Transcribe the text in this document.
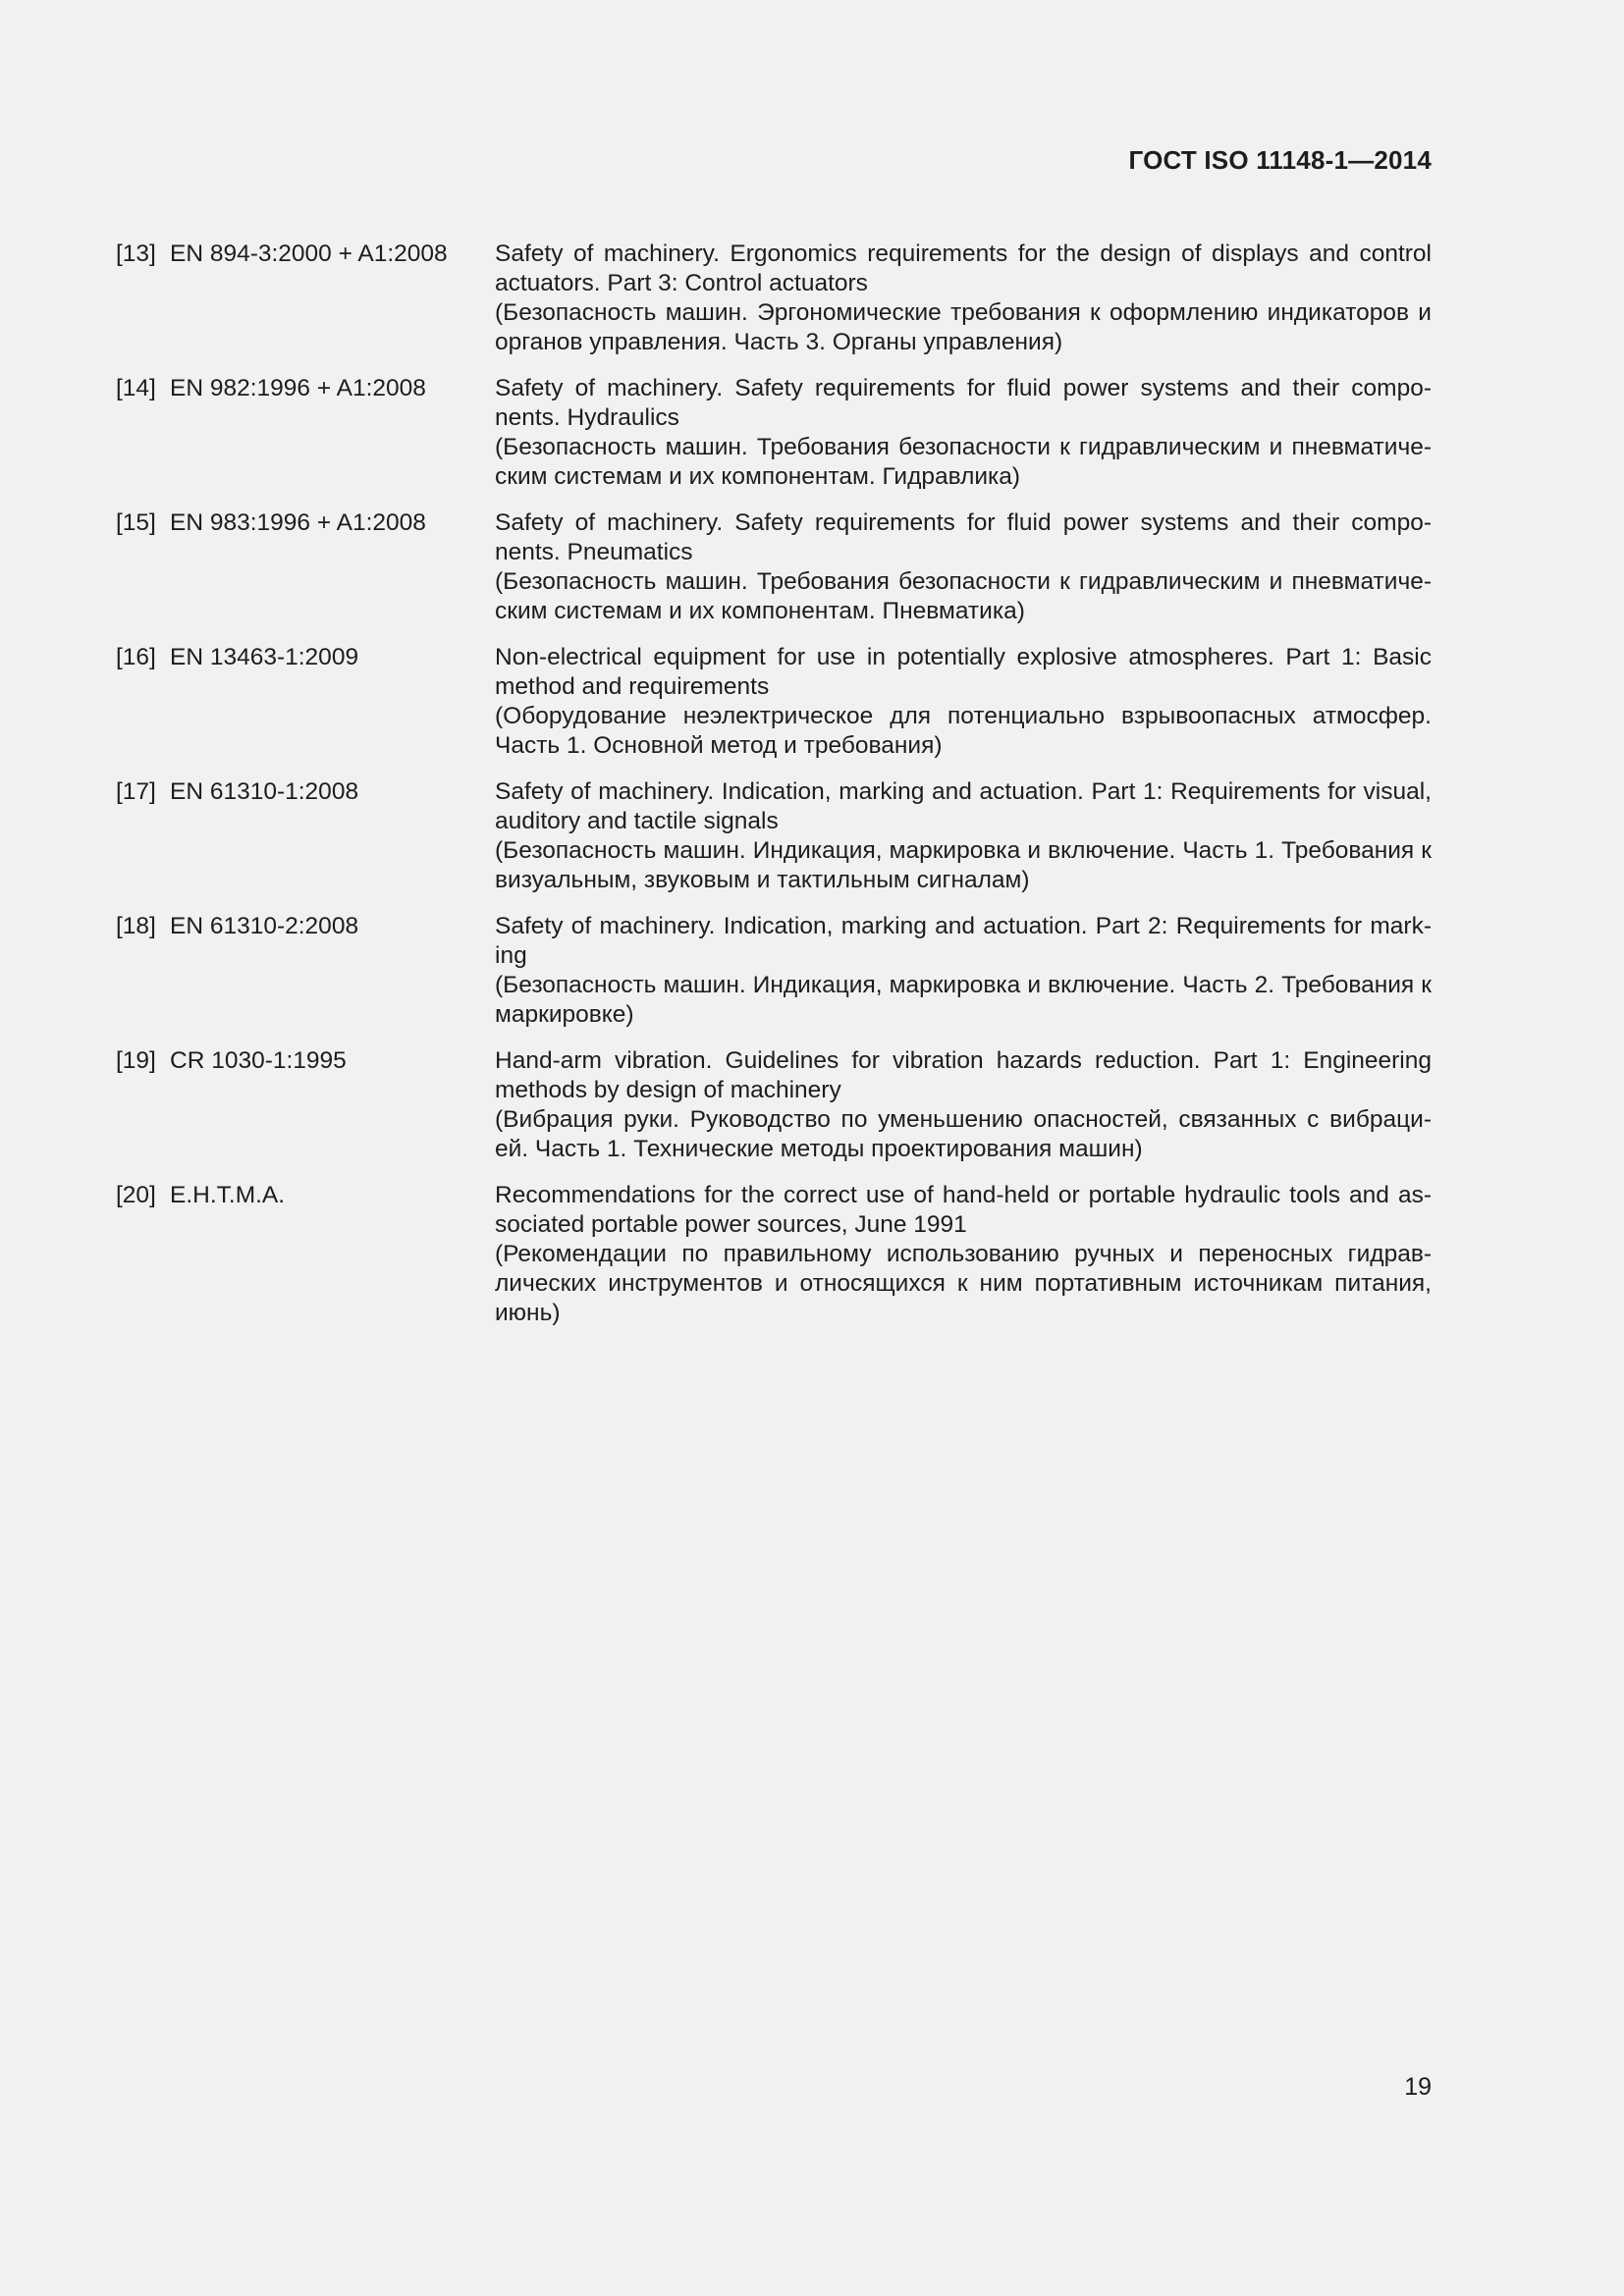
ГОСТ ISO 11148-1—2014
[13] EN 894-3:2000 + A1:2008 Safety of machinery. Ergonomics requirements for the design of displays and control actuators. Part 3: Control actuators

(Безопасность машин. Эргономические требования к оформлению индикаторов и органов управления. Часть 3. Органы управления)

[14] EN 982:1996 + A1:2008	Safety of machinery. Safety requirements for fluid power systems and their compo-nents. Hydraulics

(Безопасность машин. Требования безопасности к гидравлическим и пневматиче-ским системам и их компонентам. Гидравлика)

[15] EN 983:1996 + A1:2008	Safety of machinery. Safety requirements for fluid power systems and their compo-nents. Pneumatics

(Безопасность машин. Требования безопасности к гидравлическим и пневматиче-ским системам и их компонентам. Пневматика)

[16] EN 13463-1:2009	Non-electrical equipment for use in potentially explosive atmospheres. Part 1: Basic method and requirements

(Оборудование неэлектрическое для потенциально взрывоопасных атмосфер. Часть 1. Основной метод и требования)

[17] EN 61310-1:2008	Safety of machinery. Indication, marking and actuation. Part 1: Requirements for visual, auditory and tactile signals

(Безопасность машин. Индикация, маркировка и включение. Часть 1. Требования к визуальным, звуковым и тактильным сигналам)

[18] EN 61310-2:2008	Safety of machinery. Indication, marking and actuation. Part 2: Requirements for mark-ing

(Безопасность машин. Индикация, маркировка и включение. Часть 2. Требования к маркировке)

[19] CR 1030-1:1995	Hand-arm vibration. Guidelines for vibration hazards reduction. Part 1: Engineering methods by design of machinery

(Вибрация руки. Руководство по уменьшению опасностей, связанных с вибраци-ей. Часть 1. Технические методы проектирования машин)

[20] E.H.T.M.A.	Recommendations for the correct use of hand-held or portable hydraulic tools and as-sociated portable power sources, June 1991

(Рекомендации по правильному использованию ручных и переносных гидрав-лических инструментов и относящихся к ним портативным источникам питания, июнь)

19
